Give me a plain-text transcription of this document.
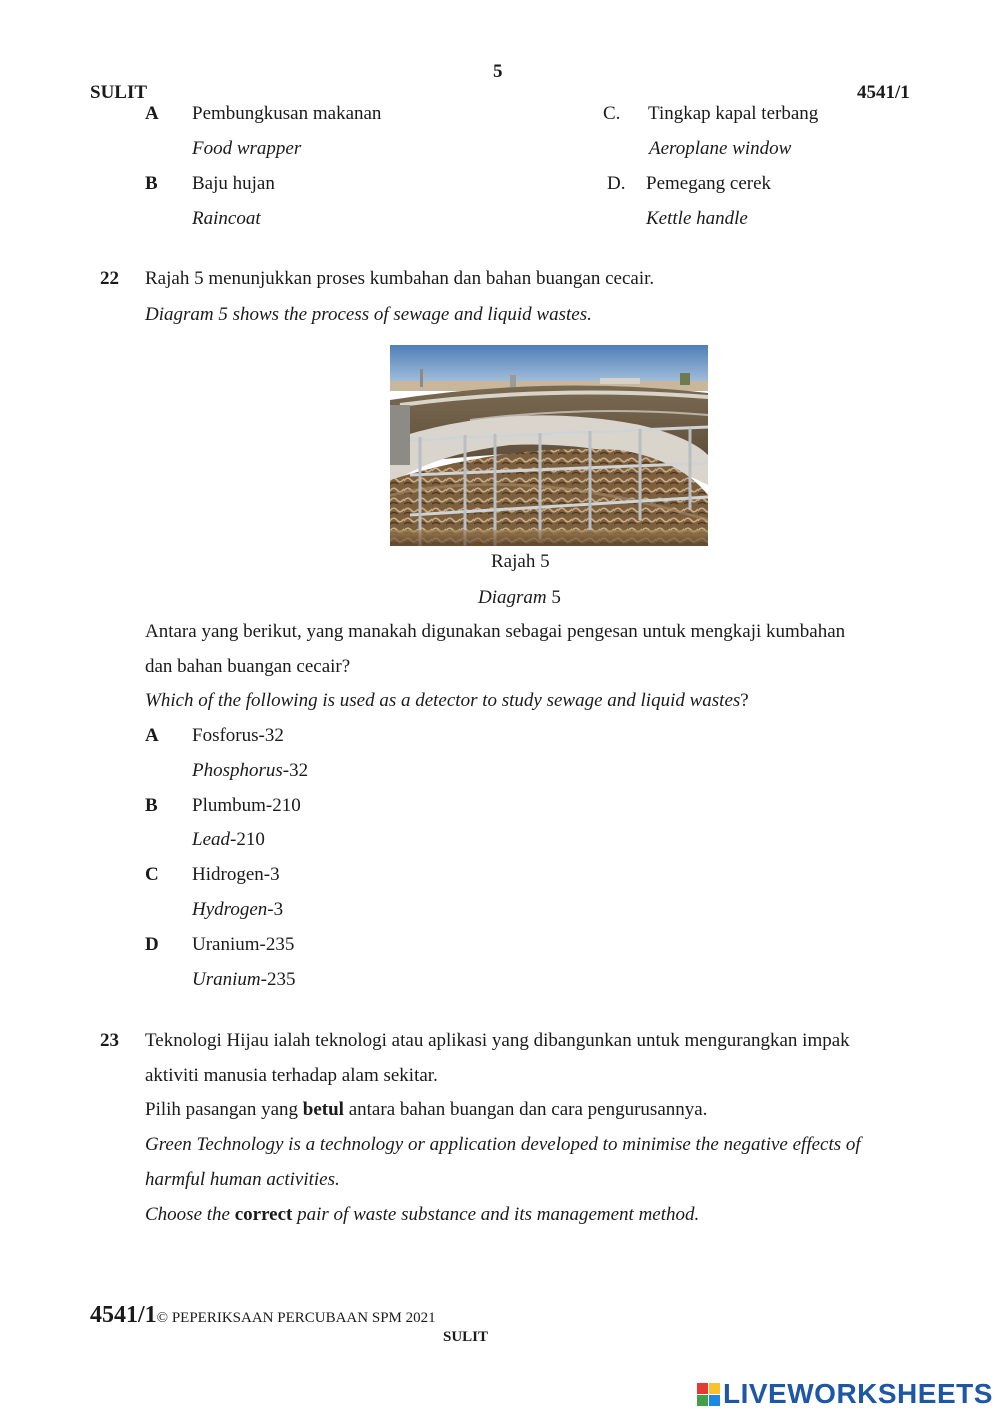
5
SULIT	4541/1
A Pembungkusan makanan
Food wrapper
B Baju hujan
Raincoat
C. Tingkap kapal terbang
Aeroplane window
D. Pemegang cerek
Kettle handle
22 Rajah 5 menunjukkan proses kumbahan dan bahan buangan cecair.
Diagram 5 shows the process of sewage and liquid wastes.
Rajah 5
Diagram 5
Antara yang berikut, yang manakah digunakan sebagai pengesan untuk mengkaji kumbahan
dan bahan buangan cecair?
Which of the following is used as a detector to study sewage and liquid wastes?
A Fosforus-32
Phosphorus-32
B Plumbum-210
Lead-210
C Hidrogen-3
Hydrogen-3
D Uranium-235
Uranium-235
23 Teknologi Hijau ialah teknologi atau aplikasi yang dibangunkan untuk mengurangkan impak
aktiviti manusia terhadap alam sekitar.
Pilih pasangan yang betul antara bahan buangan dan cara pengurusannya.
Green Technology is a technology or application developed to minimise the negative effects of
harmful human activities.
Choose the correct pair of waste substance and its management method.
4541/1© PEPERIKSAAN PERCUBAAN SPM 2021
SULIT
LIVEWORKSHEETS
